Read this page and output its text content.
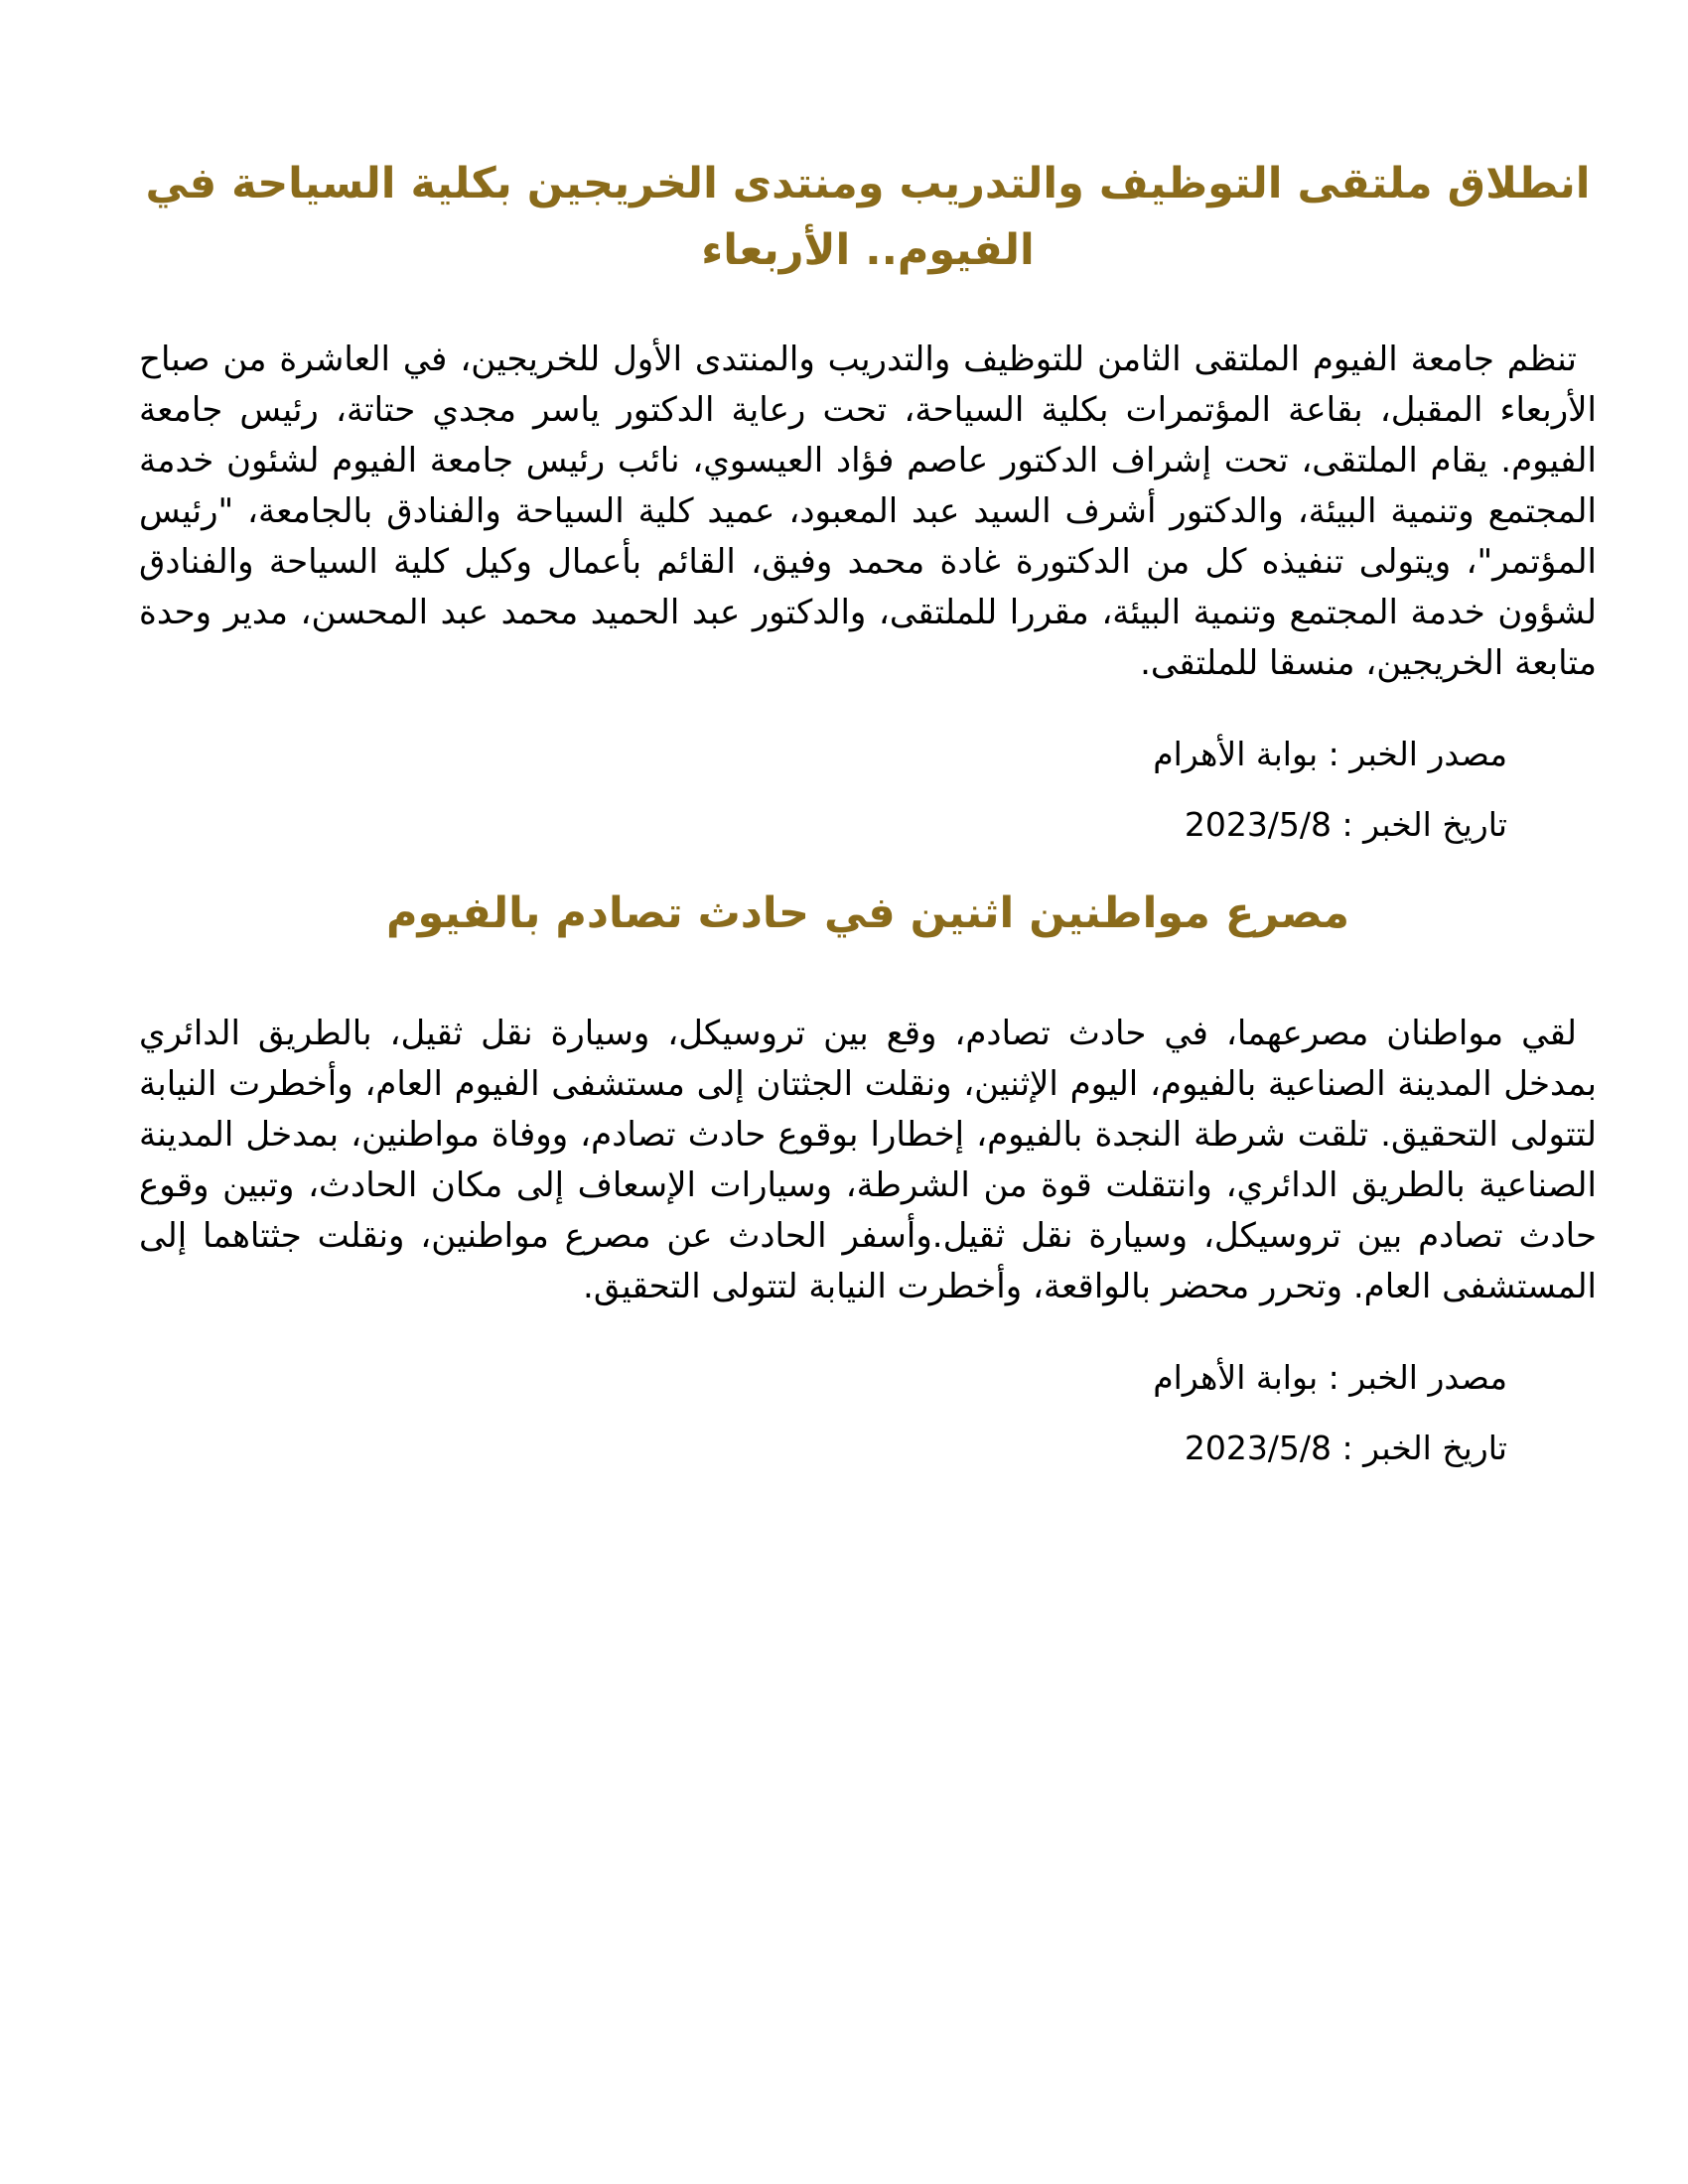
انطلاق ملتقى التوظيف والتدريب ومنتدى الخريجين بكلية السياحة في الفيوم.. الأربعاء

تنظم جامعة الفيوم الملتقى الثامن للتوظيف والتدريب والمنتدى الأول للخريجين، في العاشرة من صباح الأربعاء المقبل، بقاعة المؤتمرات بكلية السياحة، تحت رعاية الدكتور ياسر مجدي حتاتة، رئيس جامعة الفيوم. يقام الملتقى، تحت إشراف الدكتور عاصم فؤاد العيسوي، نائب رئيس جامعة الفيوم لشئون خدمة المجتمع وتنمية البيئة، والدكتور أشرف السيد عبد المعبود، عميد كلية السياحة والفنادق بالجامعة، "رئيس المؤتمر"، ويتولى تنفيذه كل من الدكتورة غادة محمد وفيق، القائم بأعمال وكيل كلية السياحة والفنادق لشؤون خدمة المجتمع وتنمية البيئة، مقررا للملتقى، والدكتور عبد الحميد محمد عبد المحسن، مدير وحدة متابعة الخريجين، منسقا للملتقى.

مصدر الخبر : بوابة الأهرام

تاريخ الخبر : 2023/5/8

مصرع مواطنين اثنين في حادث تصادم بالفيوم

لقي مواطنان مصرعهما، في حادث تصادم، وقع بين تروسيكل، وسيارة نقل ثقيل، بالطريق الدائري بمدخل المدينة الصناعية بالفيوم، اليوم الإثنين، ونقلت الجثتان إلى مستشفى الفيوم العام، وأخطرت النيابة لتتولى التحقيق. تلقت شرطة النجدة بالفيوم، إخطارا بوقوع حادث تصادم، ووفاة مواطنين، بمدخل المدينة الصناعية بالطريق الدائري، وانتقلت قوة من الشرطة، وسيارات الإسعاف إلى مكان الحادث، وتبين وقوع حادث تصادم بين تروسيكل، وسيارة نقل ثقيل.وأسفر الحادث عن مصرع مواطنين، ونقلت جثتاهما إلى المستشفى العام. وتحرر محضر بالواقعة، وأخطرت النيابة لتتولى التحقيق.

مصدر الخبر : بوابة الأهرام

تاريخ الخبر : 2023/5/8
